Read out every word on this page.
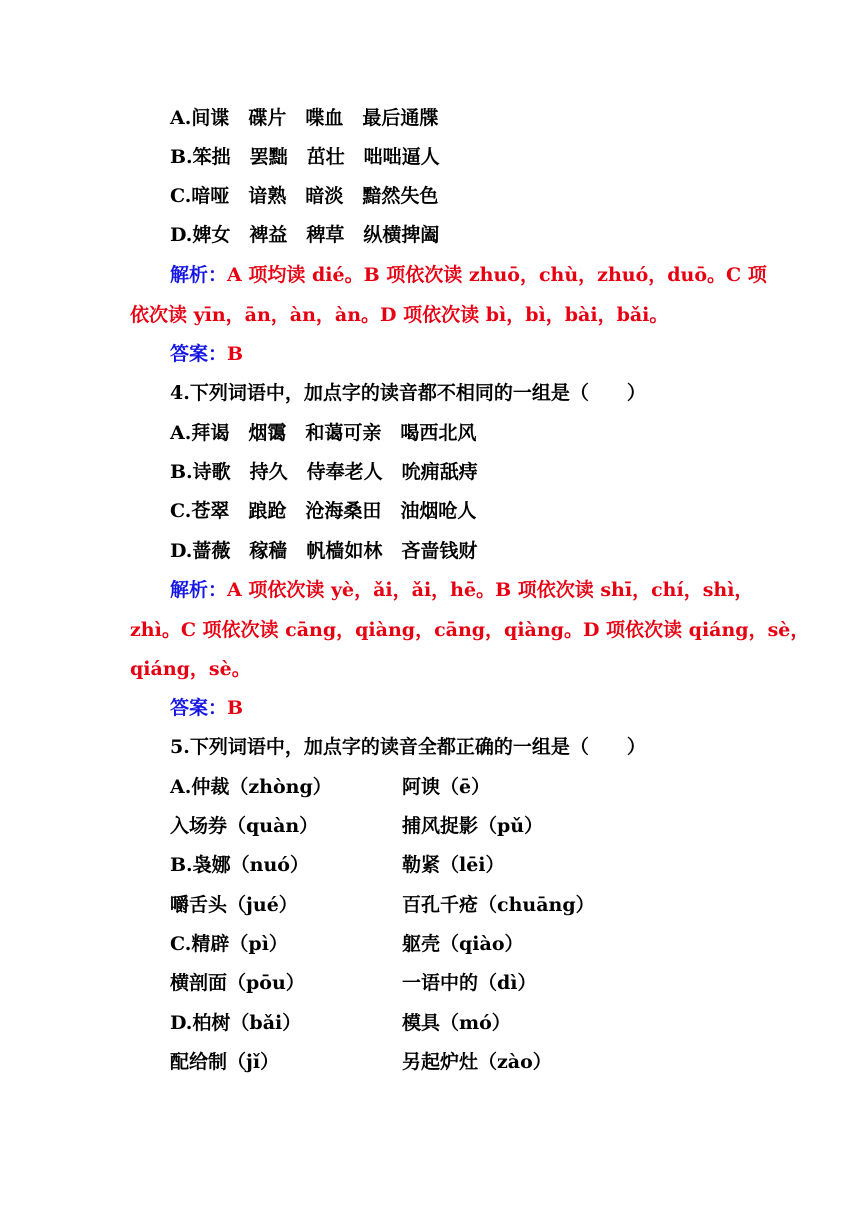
A.间谍　碟片　喋血　最后通牒
B.笨拙　罢黜　茁壮　咄咄逼人
C.喑哑　谙熟　暗淡　黯然失色
D.婢女　裨益　稗草　纵横捭阖
解析：A 项均读 dié。B 项依次读 zhuō，chù，zhuó，duō。C 项
依次读 yīn，ān，àn，àn。D 项依次读 bì，bì，bài，bǎi。
答案：B
4.下列词语中，加点字的读音都不相同的一组是（　　）
A.拜谒　烟霭　和蔼可亲　喝西北风
B.诗歌　持久　侍奉老人　吮痈舐痔
C.苍翠　踉跄　沧海桑田　油烟呛人
D.蔷薇　稼穑　帆樯如林　吝啬钱财
解析：A 项依次读 yè，ǎi，ǎi，hē。B 项依次读 shī，chí，shì，
zhì。C 项依次读 cāng，qiàng，cāng，qiàng。D 项依次读 qiáng，sè，
qiáng，sè。
答案：B
5.下列词语中，加点字的读音全都正确的一组是（　　）
A.仲裁（zhòng）	阿谀（ē）
入场券（quàn）	捕风捉影（pǔ）
B.袅娜（nuó）	勒紧（lēi）
嚼舌头（jué）	百孔千疮（chuāng）
C.精辟（pì）	躯壳（qiào）
横剖面（pōu）	一语中的（dì）
D.柏树（bǎi）	模具（mó）
配给制（jǐ）	另起炉灶（zào）
